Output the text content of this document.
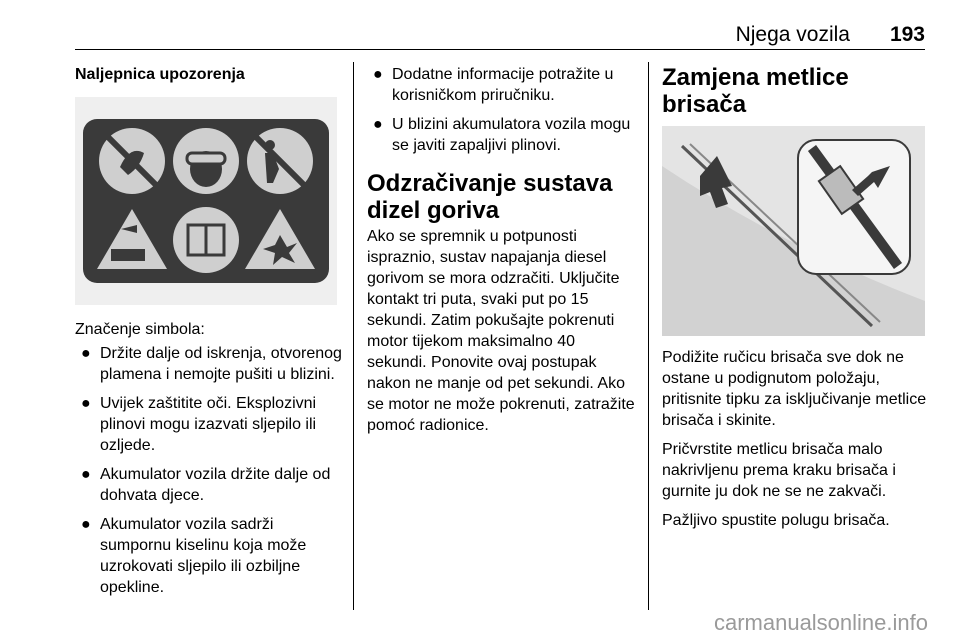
Njega vozila 193

Naljepnica upozorenja

Značenje simbola:

● Držite dalje od iskrenja, otvorenog plamena i nemojte pušiti u blizini.
● Uvijek zaštitite oči. Eksplozivni plinovi mogu izazvati sljepilo ili ozljede.
● Akumulator vozila držite dalje od dohvata djece.
● Akumulator vozila sadrži sumpornu kiselinu koja može uzrokovati sljepilo ili ozbiljne opekline.
● Dodatne informacije potražite u korisničkom priručniku.
● U blizini akumulatora vozila mogu se javiti zapaljivi plinovi.
Odzračivanje sustava dizel goriva

Ako se spremnik u potpunosti ispraznio, sustav napajanja diesel gorivom se mora odzračiti. Uključite kontakt tri puta, svaki put po 15 sekundi. Zatim pokušajte pokrenuti motor tijekom maksimalno 40 sekundi. Ponovite ovaj postupak nakon ne manje od pet sekundi. Ako se motor ne može pokrenuti, zatražite pomoć radionice.

Zamjena metlice brisača

Podižite ručicu brisača sve dok ne ostane u podignutom položaju, pritisnite tipku za isključivanje metlice brisača i skinite.

Pričvrstite metlicu brisača malo nakrivljenu prema kraku brisača i gurnite ju dok ne se ne zakvači.

Pažljivo spustite polugu brisača.

carmanualsonline.info
